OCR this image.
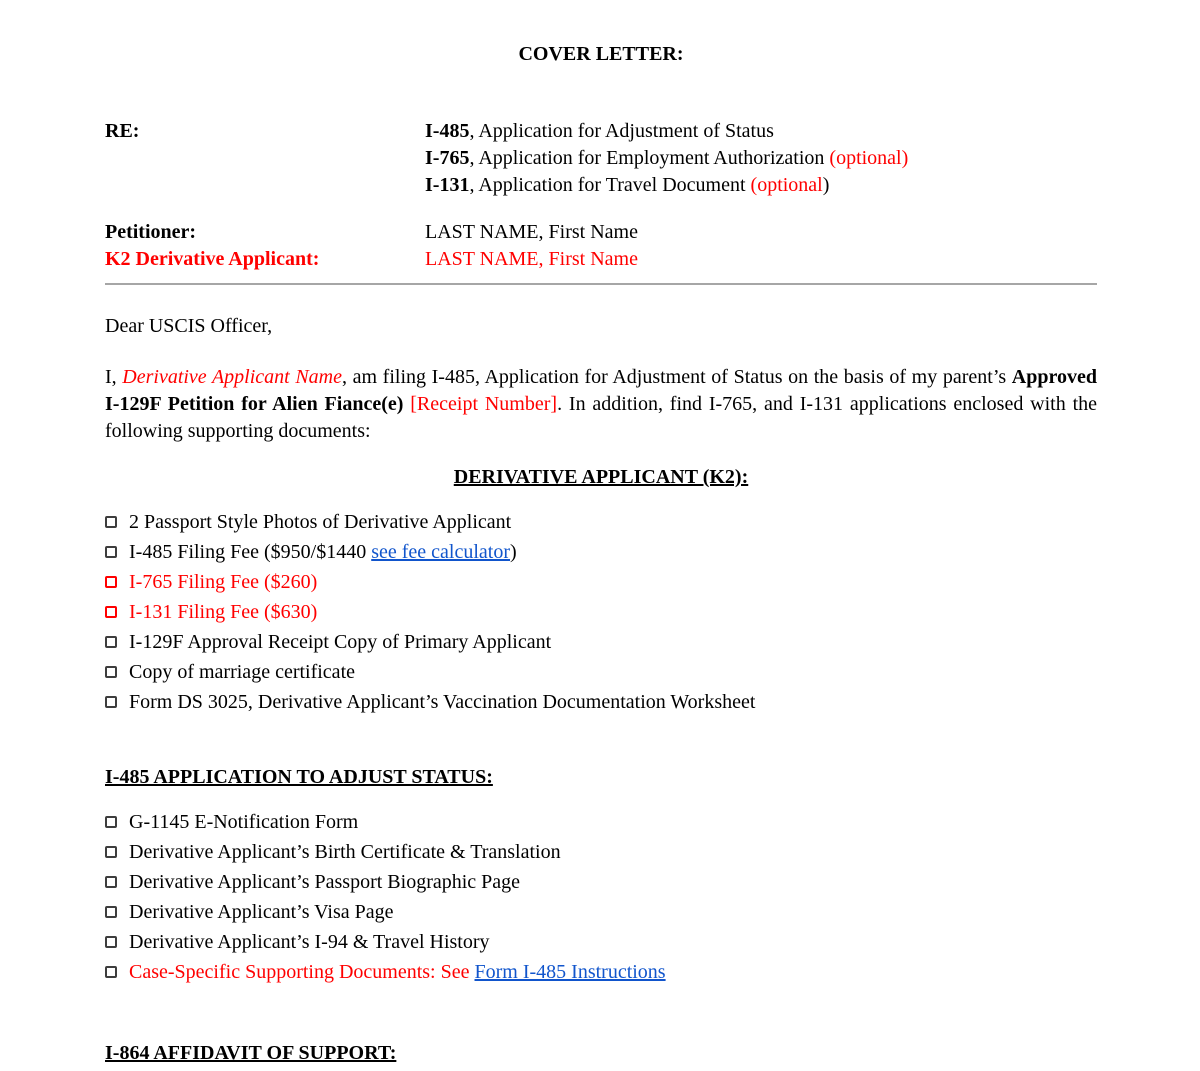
COVER LETTER:
RE:	I-485, Application for Adjustment of Status
I-765, Application for Employment Authorization (optional)
I-131, Application for Travel Document (optional)
Petitioner:	LAST NAME, First Name
K2 Derivative Applicant:	LAST NAME, First Name
Dear USCIS Officer,

I, Derivative Applicant Name, am filing I-485, Application for Adjustment of Status on the basis of my parent’s Approved I-129F Petition for Alien Fiance(e) [Receipt Number]. In addition, find I-765, and I-131 applications enclosed with the following supporting documents:

DERIVATIVE APPLICANT (K2):
2 Passport Style Photos of Derivative Applicant
I-485 Filing Fee ($950/$1440 see fee calculator)
I-765 Filing Fee ($260)
I-131 Filing Fee ($630)
I-129F Approval Receipt Copy of Primary Applicant
Copy of marriage certificate
Form DS 3025, Derivative Applicant’s Vaccination Documentation Worksheet
I-485 APPLICATION TO ADJUST STATUS:
G-1145 E-Notification Form
Derivative Applicant’s Birth Certificate & Translation
Derivative Applicant’s Passport Biographic Page
Derivative Applicant’s Visa Page
Derivative Applicant’s I-94 & Travel History
Case-Specific Supporting Documents: See Form I-485 Instructions
I-864 AFFIDAVIT OF SUPPORT:
